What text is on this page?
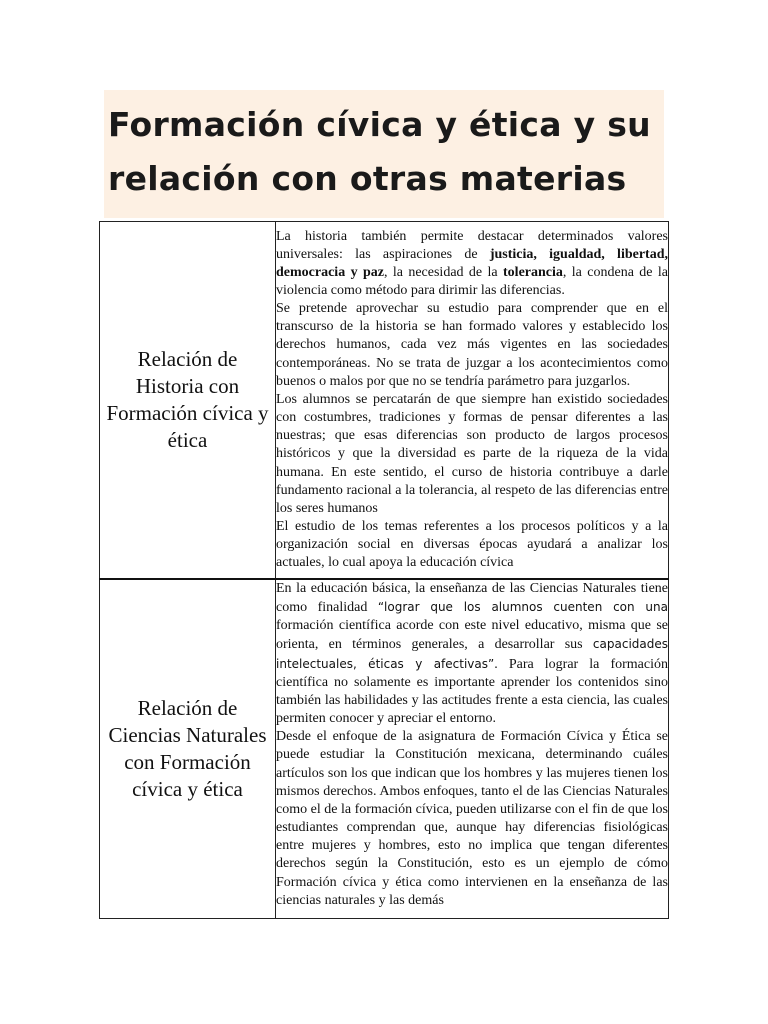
Formación cívica y ética y su
relación con otras materias
Relación de Historia con Formación cívica y ética	La historia también permite destacar determinados valores universales: las aspiraciones de justicia, igualdad, libertad, democracia y paz, la necesidad de la tolerancia, la condena de la violencia como método para dirimir las diferencias.

Se pretende aprovechar su estudio para comprender que en el transcurso de la historia se han formado valores y establecido los derechos humanos, cada vez más vigentes en las sociedades contemporáneas. No se trata de juzgar a los acontecimientos como buenos o malos por que no se tendría parámetro para juzgarlos.

Los alumnos se percatarán de que siempre han existido sociedades con costumbres, tradiciones y formas de pensar diferentes a las nuestras; que esas diferencias son producto de largos procesos históricos y que la diversidad es parte de la riqueza de la vida humana. En este sentido, el curso de historia contribuye a darle fundamento racional a la tolerancia, al respeto de las diferencias entre los seres humanos

El estudio de los temas referentes a los procesos políticos y a la organización social en diversas épocas ayudará a analizar los actuales, lo cual apoya la educación cívica

Relación de Ciencias Naturales con Formación cívica y ética	En la educación básica, la enseñanza de las Ciencias Naturales tiene como finalidad “lograr que los alumnos cuenten con una formación científica acorde con este nivel educativo, misma que se orienta, en términos generales, a desarrollar sus capacidades intelectuales, éticas y afectivas”. Para lograr la formación científica no solamente es importante aprender los contenidos sino también las habilidades y las actitudes frente a esta ciencia, las cuales permiten conocer y apreciar el entorno.

Desde el enfoque de la asignatura de Formación Cívica y Ética se puede estudiar la Constitución mexicana, determinando cuáles artículos son los que indican que los hombres y las mujeres tienen los mismos derechos. Ambos enfoques, tanto el de las Ciencias Naturales como el de la formación cívica, pueden utilizarse con el fin de que los estudiantes comprendan que, aunque hay diferencias fisiológicas entre mujeres y hombres, esto no implica que tengan diferentes derechos según la Constitución, esto es un ejemplo de cómo Formación cívica y ética como intervienen en la enseñanza de las ciencias naturales y las demás
